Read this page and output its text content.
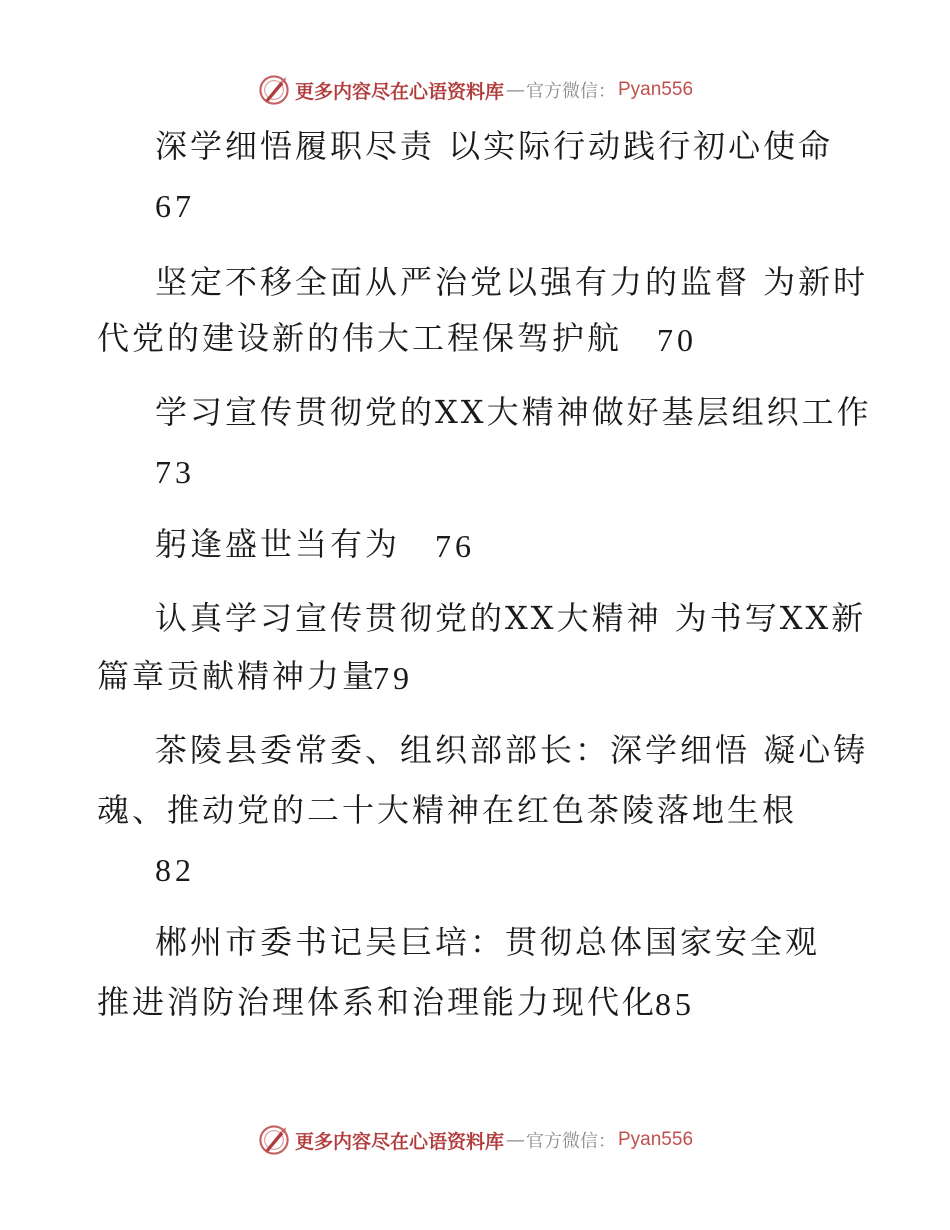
更多内容尽在心语资料库 — 官方微信： Pyan556
深学细悟履职尽责 以实际行动践行初心使命
67
坚定不移全面从严治党以强有力的监督 为新时
代党的建设新的伟大工程保驾护航 70
学习宣传贯彻党的XX大精神做好基层组织工作
73
躬逢盛世当有为 76
认真学习宣传贯彻党的XX大精神 为书写XX新
篇章贡献精神力量
79
茶陵县委常委、组织部部长：深学细悟 凝心铸
魂、推动党的二十大精神在红色茶陵落地生根
82
郴州市委书记吴巨培：贯彻总体国家安全观
推进消防治理体系和治理能力现代化
85
更多内容尽在心语资料库 — 官方微信： Pyan556
